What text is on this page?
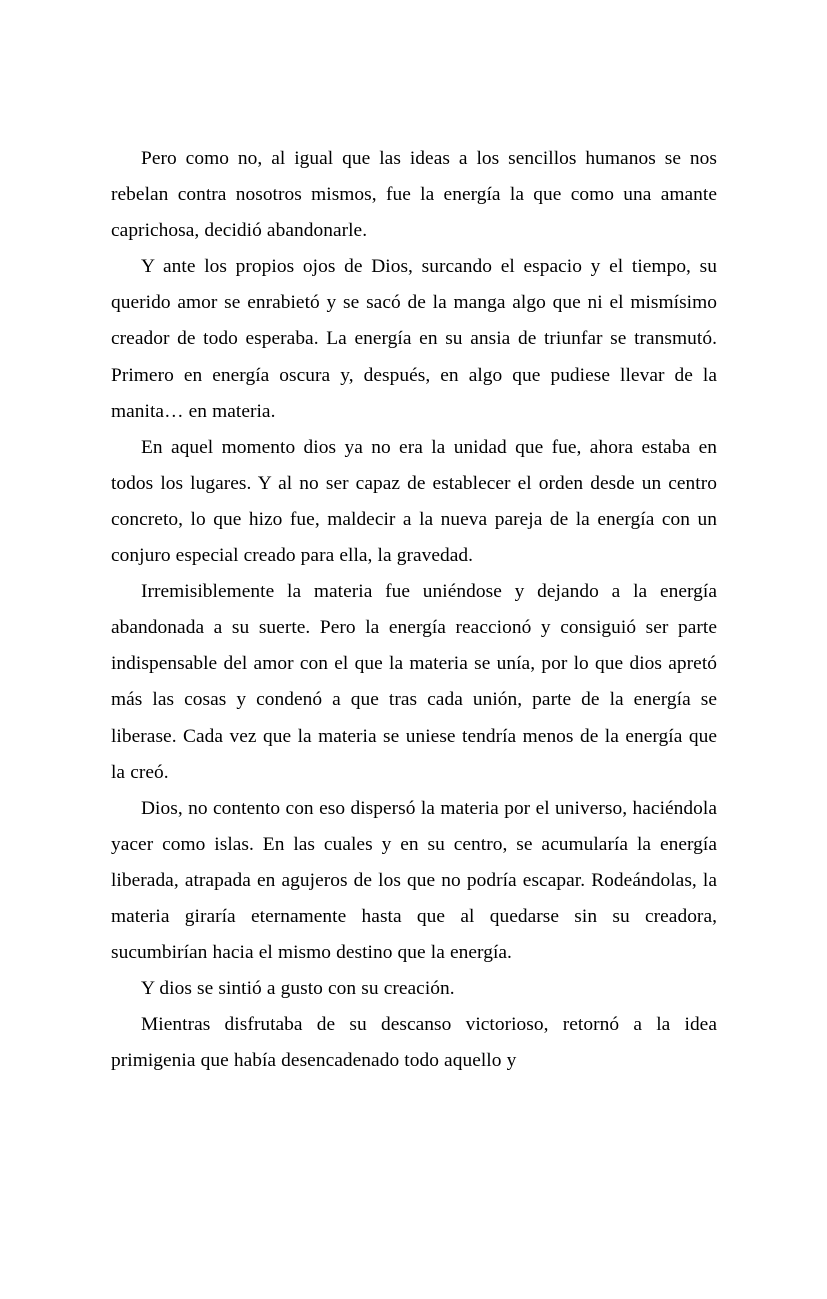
Pero como no, al igual que las ideas a los sencillos humanos se nos rebelan contra nosotros mismos, fue la energía la que como una amante caprichosa, decidió abandonarle.

Y ante los propios ojos de Dios, surcando el espacio y el tiempo, su querido amor se enrabietó y se sacó de la manga algo que ni el mismísimo creador de todo esperaba. La energía en su ansia de triunfar se transmutó. Primero en energía oscura y, después, en algo que pudiese llevar de la manita… en materia.

En aquel momento dios ya no era la unidad que fue, ahora estaba en todos los lugares. Y al no ser capaz de establecer el orden desde un centro concreto, lo que hizo fue, maldecir a la nueva pareja de la energía con un conjuro especial creado para ella, la gravedad.

Irremisiblemente la materia fue uniéndose y dejando a la energía abandonada a su suerte. Pero la energía reaccionó y consiguió ser parte indispensable del amor con el que la materia se unía, por lo que dios apretó más las cosas y condenó a que tras cada unión, parte de la energía se liberase. Cada vez que la materia se uniese tendría menos de la energía que la creó.

Dios, no contento con eso dispersó la materia por el universo, haciéndola yacer como islas. En las cuales y en su centro, se acumularía la energía liberada, atrapada en agujeros de los que no podría escapar. Rodeándolas, la materia giraría eternamente hasta que al quedarse sin su creadora, sucumbirían hacia el mismo destino que la energía.

Y dios se sintió a gusto con su creación.

Mientras disfrutaba de su descanso victorioso, retornó a la idea primigenia que había desencadenado todo aquello y
